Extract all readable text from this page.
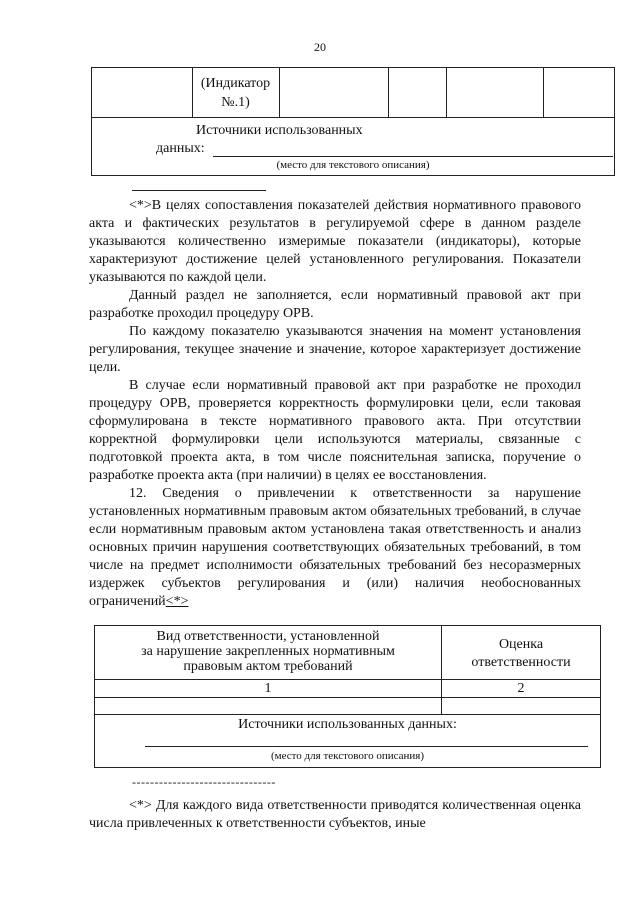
20
(Индикатор
№.1)
Источники использованных
данных:
(место для текстового описания)

<*>В целях сопоставления показателей действия нормативного правового акта и фактических результатов в регулируемой сфере в данном разделе указываются количественно измеримые показатели (индикаторы), которые характеризуют достижение целей установленного регулирования. Показатели указываются по каждой цели.

Данный раздел не заполняется, если нормативный правовой акт при разработке проходил процедуру ОРВ.

По каждому показателю указываются значения на момент установления регулирования, текущее значение и значение, которое характеризует достижение цели.

В случае если нормативный правовой акт при разработке не проходил процедуру ОРВ, проверяется корректность формулировки цели, если таковая сформулирована в тексте нормативного правового акта. При отсутствии корректной формулировки цели используются материалы, связанные с подготовкой проекта акта, в том числе пояснительная записка, поручение о разработке проекта акта (при наличии) в целях ее восстановления.

12. Сведения о привлечении к ответственности за нарушение установленных нормативным правовым актом обязательных требований, в случае если нормативным правовым актом установлена такая ответственность и анализ основных причин нарушения соответствующих обязательных требований, в том числе на предмет исполнимости обязательных требований без несоразмерных издержек субъектов регулирования и (или) наличия необоснованных ограничений<*>

Вид ответственности, установленной
за нарушение закрепленных нормативным
правовым актом требований
Оценка
ответственности
1	2
Источники использованных данных:
(место для текстового описания)
--------------------------------

<*> Для каждого вида ответственности приводятся количественная оценка числа привлеченных к ответственности субъектов, иные
